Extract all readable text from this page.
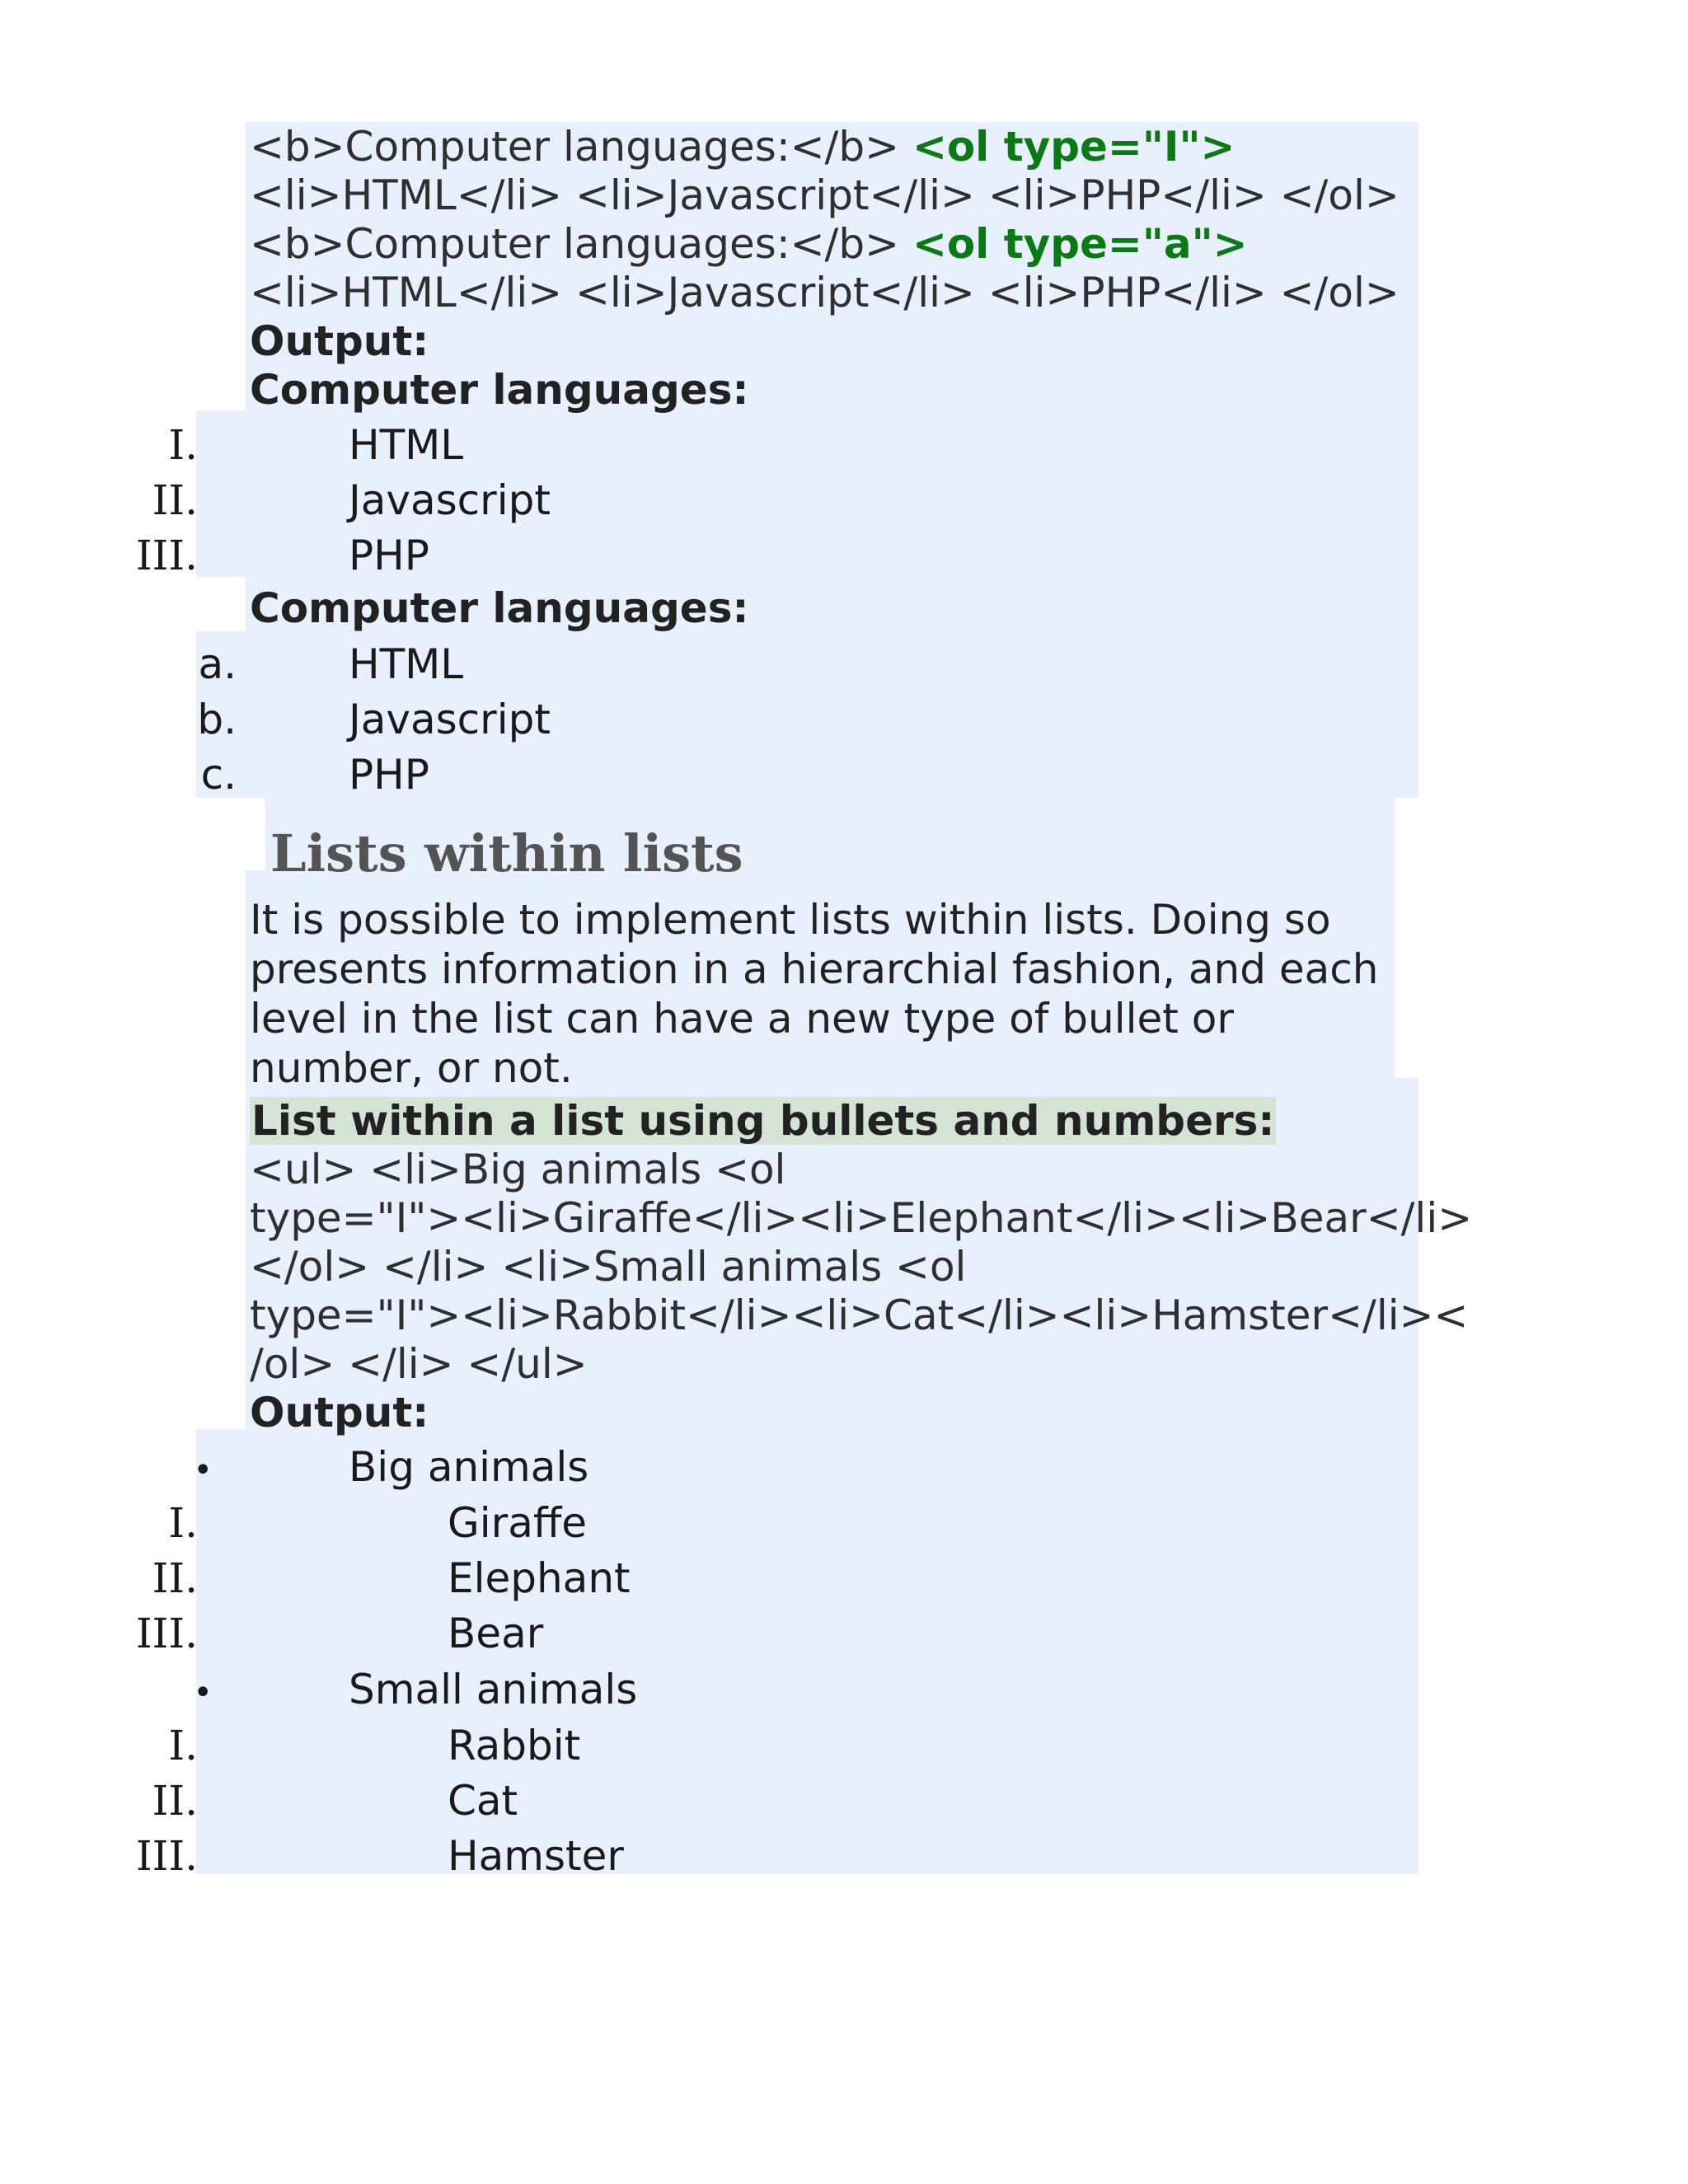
<b>Computer languages:</b> <ol type="I">
<li>HTML</li> <li>Javascript</li> <li>PHP</li> </ol>
<b>Computer languages:</b> <ol type="a">
<li>HTML</li> <li>Javascript</li> <li>PHP</li> </ol>
Output:
Computer languages:
I.	HTML
II.	Javascript
III.	PHP
Computer languages:
a.	HTML
b.	Javascript
c.	PHP
Lists within lists
It is possible to implement lists within lists. Doing so presents information in a hierarchial fashion, and each level in the list can have a new type of bullet or number, or not.
List within a list using bullets and numbers:
<ul> <li>Big animals <ol
type="I"><li>Giraffe</li><li>Elephant</li><li>Bear</li>
</ol> </li> <li>Small animals <ol
type="I"><li>Rabbit</li><li>Cat</li><li>Hamster</li><
/ol> </li> </ul>
Output:
•	Big animals
I.	Giraffe
II.	Elephant
III.	Bear
•	Small animals
I.	Rabbit
II.	Cat
III.	Hamster
